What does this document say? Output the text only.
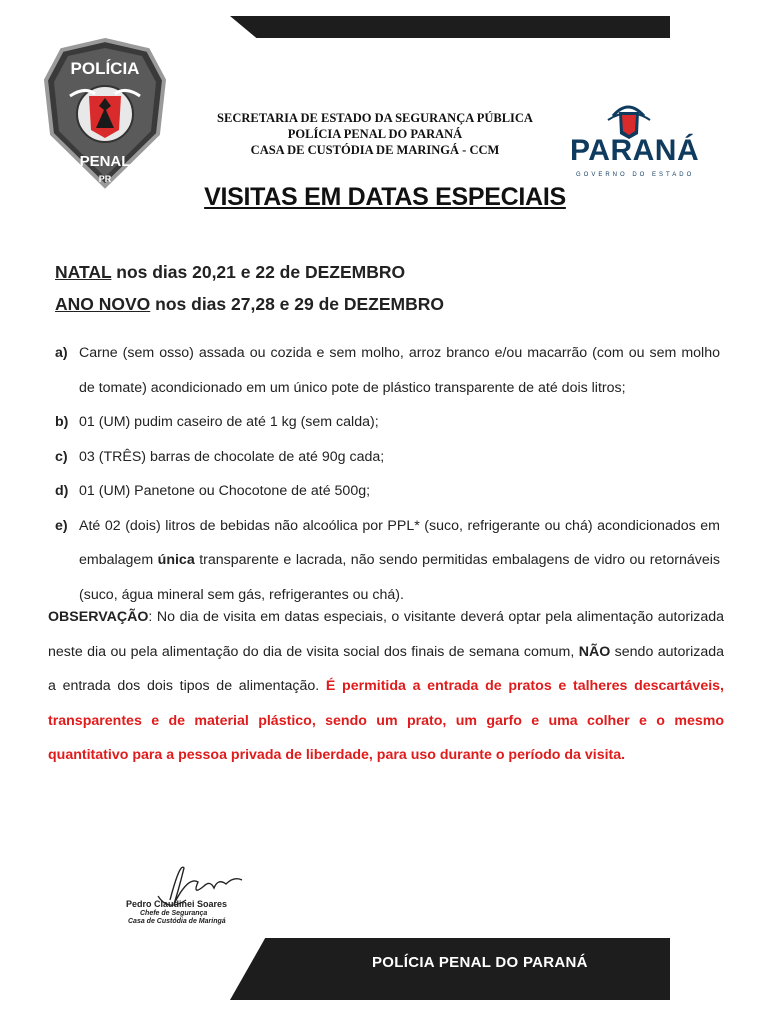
POLÍCIA
PENAL
PR
SECRETARIA DE ESTADO DA SEGURANÇA PÚBLICA
POLÍCIA PENAL DO PARANÁ
CASA DE CUSTÓDIA DE MARINGÁ - CCM	PARANÁ
GOVERNO DO ESTADO
VISITAS EM DATAS ESPECIAIS
NATAL nos dias 20,21 e 22 de DEZEMBRO
ANO NOVO nos dias 27,28 e 29 de DEZEMBRO
a) Carne (sem osso) assada ou cozida e sem molho, arroz branco e/ou macarrão (com ou sem molho de tomate) acondicionado em um único pote de plástico transparente de até dois litros;
b) 01 (UM) pudim caseiro de até 1 kg (sem calda);
c) 03 (TRÊS) barras de chocolate de até 90g cada;
d) 01 (UM) Panetone ou Chocotone de até 500g;
e) Até 02 (dois) litros de bebidas não alcoólica por PPL* (suco, refrigerante ou chá) acondicionados em embalagem única transparente e lacrada, não sendo permitidas embalagens de vidro ou retornáveis (suco, água mineral sem gás, refrigerantes ou chá).
OBSERVAÇÃO: No dia de visita em datas especiais, o visitante deverá optar pela alimentação autorizada neste dia ou pela alimentação do dia de visita social dos finais de semana comum, NÃO sendo autorizada a entrada dos dois tipos de alimentação. É permitida a entrada de pratos e talheres descartáveis, transparentes e de material plástico, sendo um prato, um garfo e uma colher e o mesmo quantitativo para a pessoa privada de liberdade, para uso durante o período da visita.
Pedro Claudinei Soares
Chefe de Segurança
Casa de Custódia de Maringá
POLÍCIA PENAL DO PARANÁ
